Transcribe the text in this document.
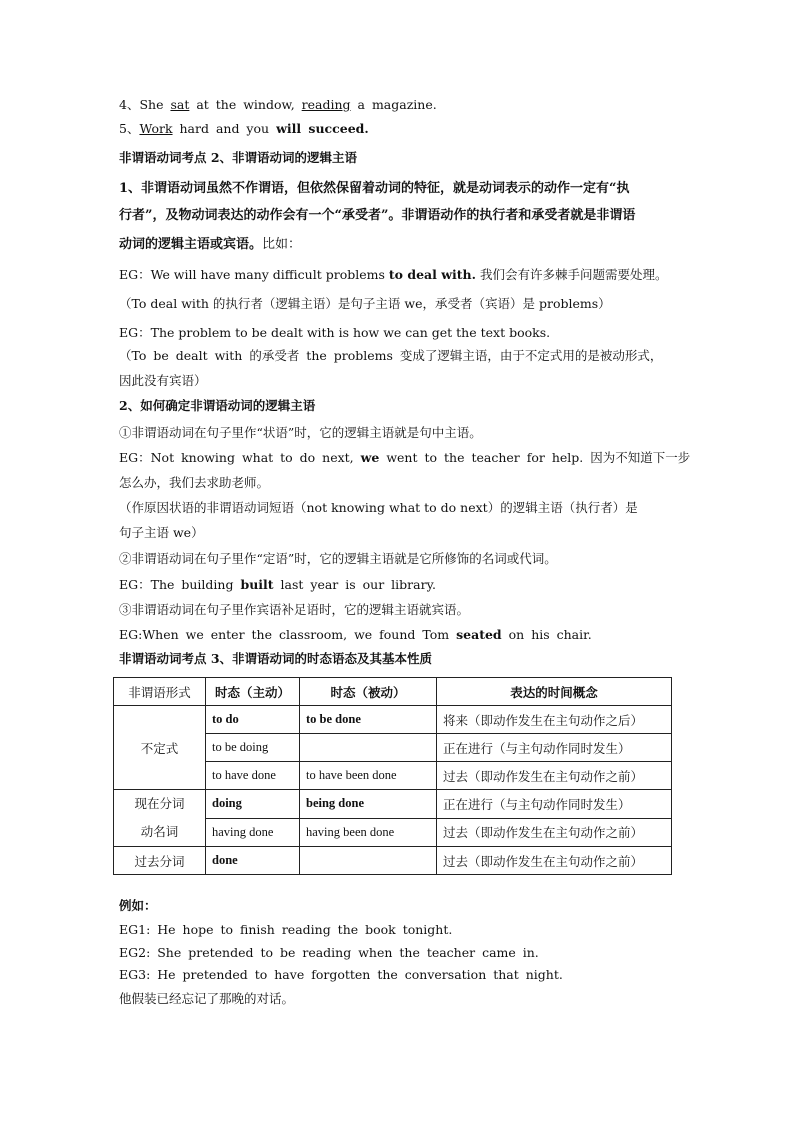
4、She sat at the window, reading a magazine.
5、Work hard and you will succeed.
非谓语动词考点 2、非谓语动词的逻辑主语
1、非谓语动词虽然不作谓语，但依然保留着动词的特征，就是动词表示的动作一定有“执
行者”，及物动词表达的动作会有一个“承受者”。非谓语动作的执行者和承受者就是非谓语
动词的逻辑主语或宾语。比如：
EG：We will have many difficult problems to deal with. 我们会有许多棘手问题需要处理。
（To deal with 的执行者（逻辑主语）是句子主语 we，承受者（宾语）是 problems）
EG：The problem to be dealt with is how we can get the text books.
（To be dealt with 的承受者 the problems 变成了逻辑主语，由于不定式用的是被动形式，
因此没有宾语）
2、如何确定非谓语动词的逻辑主语
①非谓语动词在句子里作“状语”时，它的逻辑主语就是句中主语。
EG：Not knowing what to do next, we went to the teacher for help. 因为不知道下一步
怎么办，我们去求助老师。
（作原因状语的非谓语动词短语（not knowing what to do next）的逻辑主语（执行者）是
句子主语 we）
②非谓语动词在句子里作“定语”时，它的逻辑主语就是它所修饰的名词或代词。
EG：The building built last year is our library.
③非谓语动词在句子里作宾语补足语时，它的逻辑主语就宾语。
EG:When we enter the classroom, we found Tom seated on his chair.
非谓语动词考点 3、非谓语动词的时态语态及其基本性质
非谓语形式	时态（主动）	时态（被动）	表达的时间概念
不定式	to do	to be done	将来（即动作发生在主句动作之后）
	to be doing		正在进行（与主句动作同时发生）
	to have done	to have been done	过去（即动作发生在主句动作之前）

现在分词
动名词	doing	being done	正在进行（与主句动作同时发生）
	having done	having been done	过去（即动作发生在主句动作之前）
过去分词	done		过去（即动作发生在主句动作之前）
例如：
EG1: He hope to finish reading the book tonight.
EG2: She pretended to be reading when the teacher came in.
EG3: He pretended to have forgotten the conversation that night.
他假装已经忘记了那晚的对话。
